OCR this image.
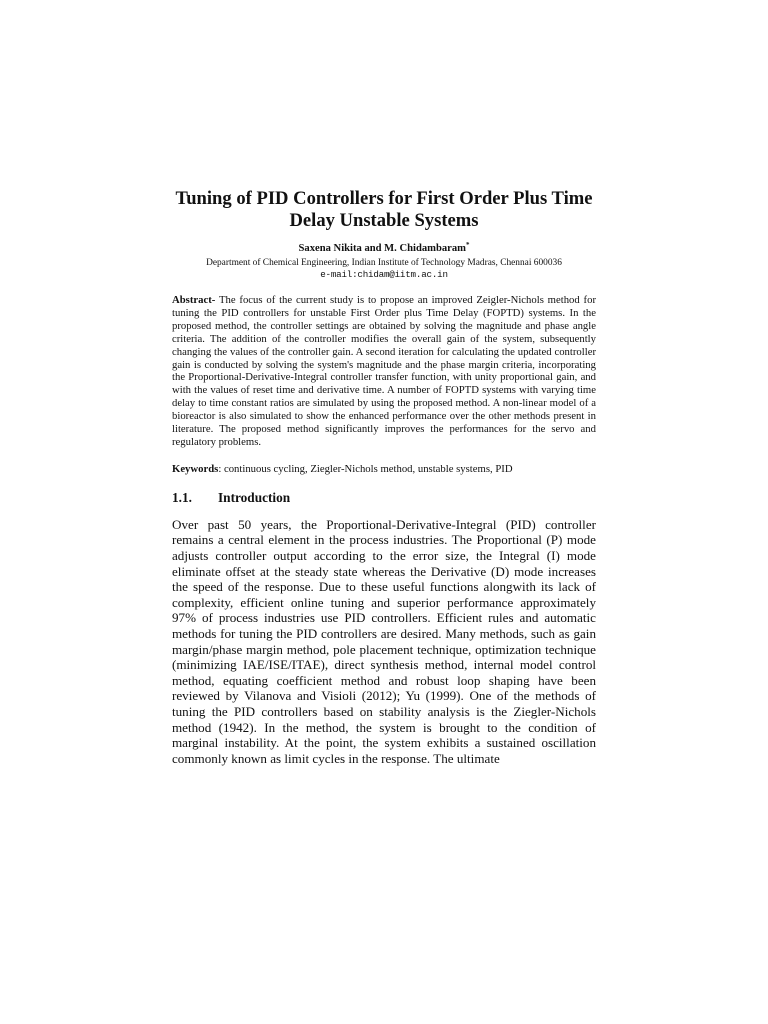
Tuning of PID Controllers for First Order Plus Time Delay Unstable Systems
Saxena Nikita and M. Chidambaram*
Department of Chemical Engineering, Indian Institute of Technology Madras, Chennai 600036
e-mail:chidam@iitm.ac.in

Abstract- The focus of the current study is to propose an improved Zeigler-Nichols method for tuning the PID controllers for unstable First Order plus Time Delay (FOPTD) systems. In the proposed method, the controller settings are obtained by solving the magnitude and phase angle criteria. The addition of the controller modifies the overall gain of the system, subsequently changing the values of the controller gain. A second iteration for calculating the updated controller gain is conducted by solving the system's magnitude and the phase margin criteria, incorporating the Proportional-Derivative-Integral controller transfer function, with unity proportional gain, and with the values of reset time and derivative time. A number of FOPTD systems with varying time delay to time constant ratios are simulated by using the proposed method. A non-linear model of a bioreactor is also simulated to show the enhanced performance over the other methods present in literature. The proposed method significantly improves the performances for the servo and regulatory problems.

Keywords: continuous cycling, Ziegler-Nichols method, unstable systems, PID
1.1.	Introduction

Over past 50 years, the Proportional-Derivative-Integral (PID) controller remains a central element in the process industries. The Proportional (P) mode adjusts controller output according to the error size, the Integral (I) mode eliminate offset at the steady state whereas the Derivative (D) mode increases the speed of the response. Due to these useful functions alongwith its lack of complexity, efficient online tuning and superior performance approximately 97% of process industries use PID controllers. Efficient rules and automatic methods for tuning the PID controllers are desired. Many methods, such as gain margin/phase margin method, pole placement technique, optimization technique (minimizing IAE/ISE/ITAE), direct synthesis method, internal model control method, equating coefficient method and robust loop shaping have been reviewed by Vilanova and Visioli (2012); Yu (1999). One of the methods of tuning the PID controllers based on stability analysis is the Ziegler-Nichols method (1942). In the method, the system is brought to the condition of marginal instability. At the point, the system exhibits a sustained oscillation commonly known as limit cycles in the response. The ultimate
